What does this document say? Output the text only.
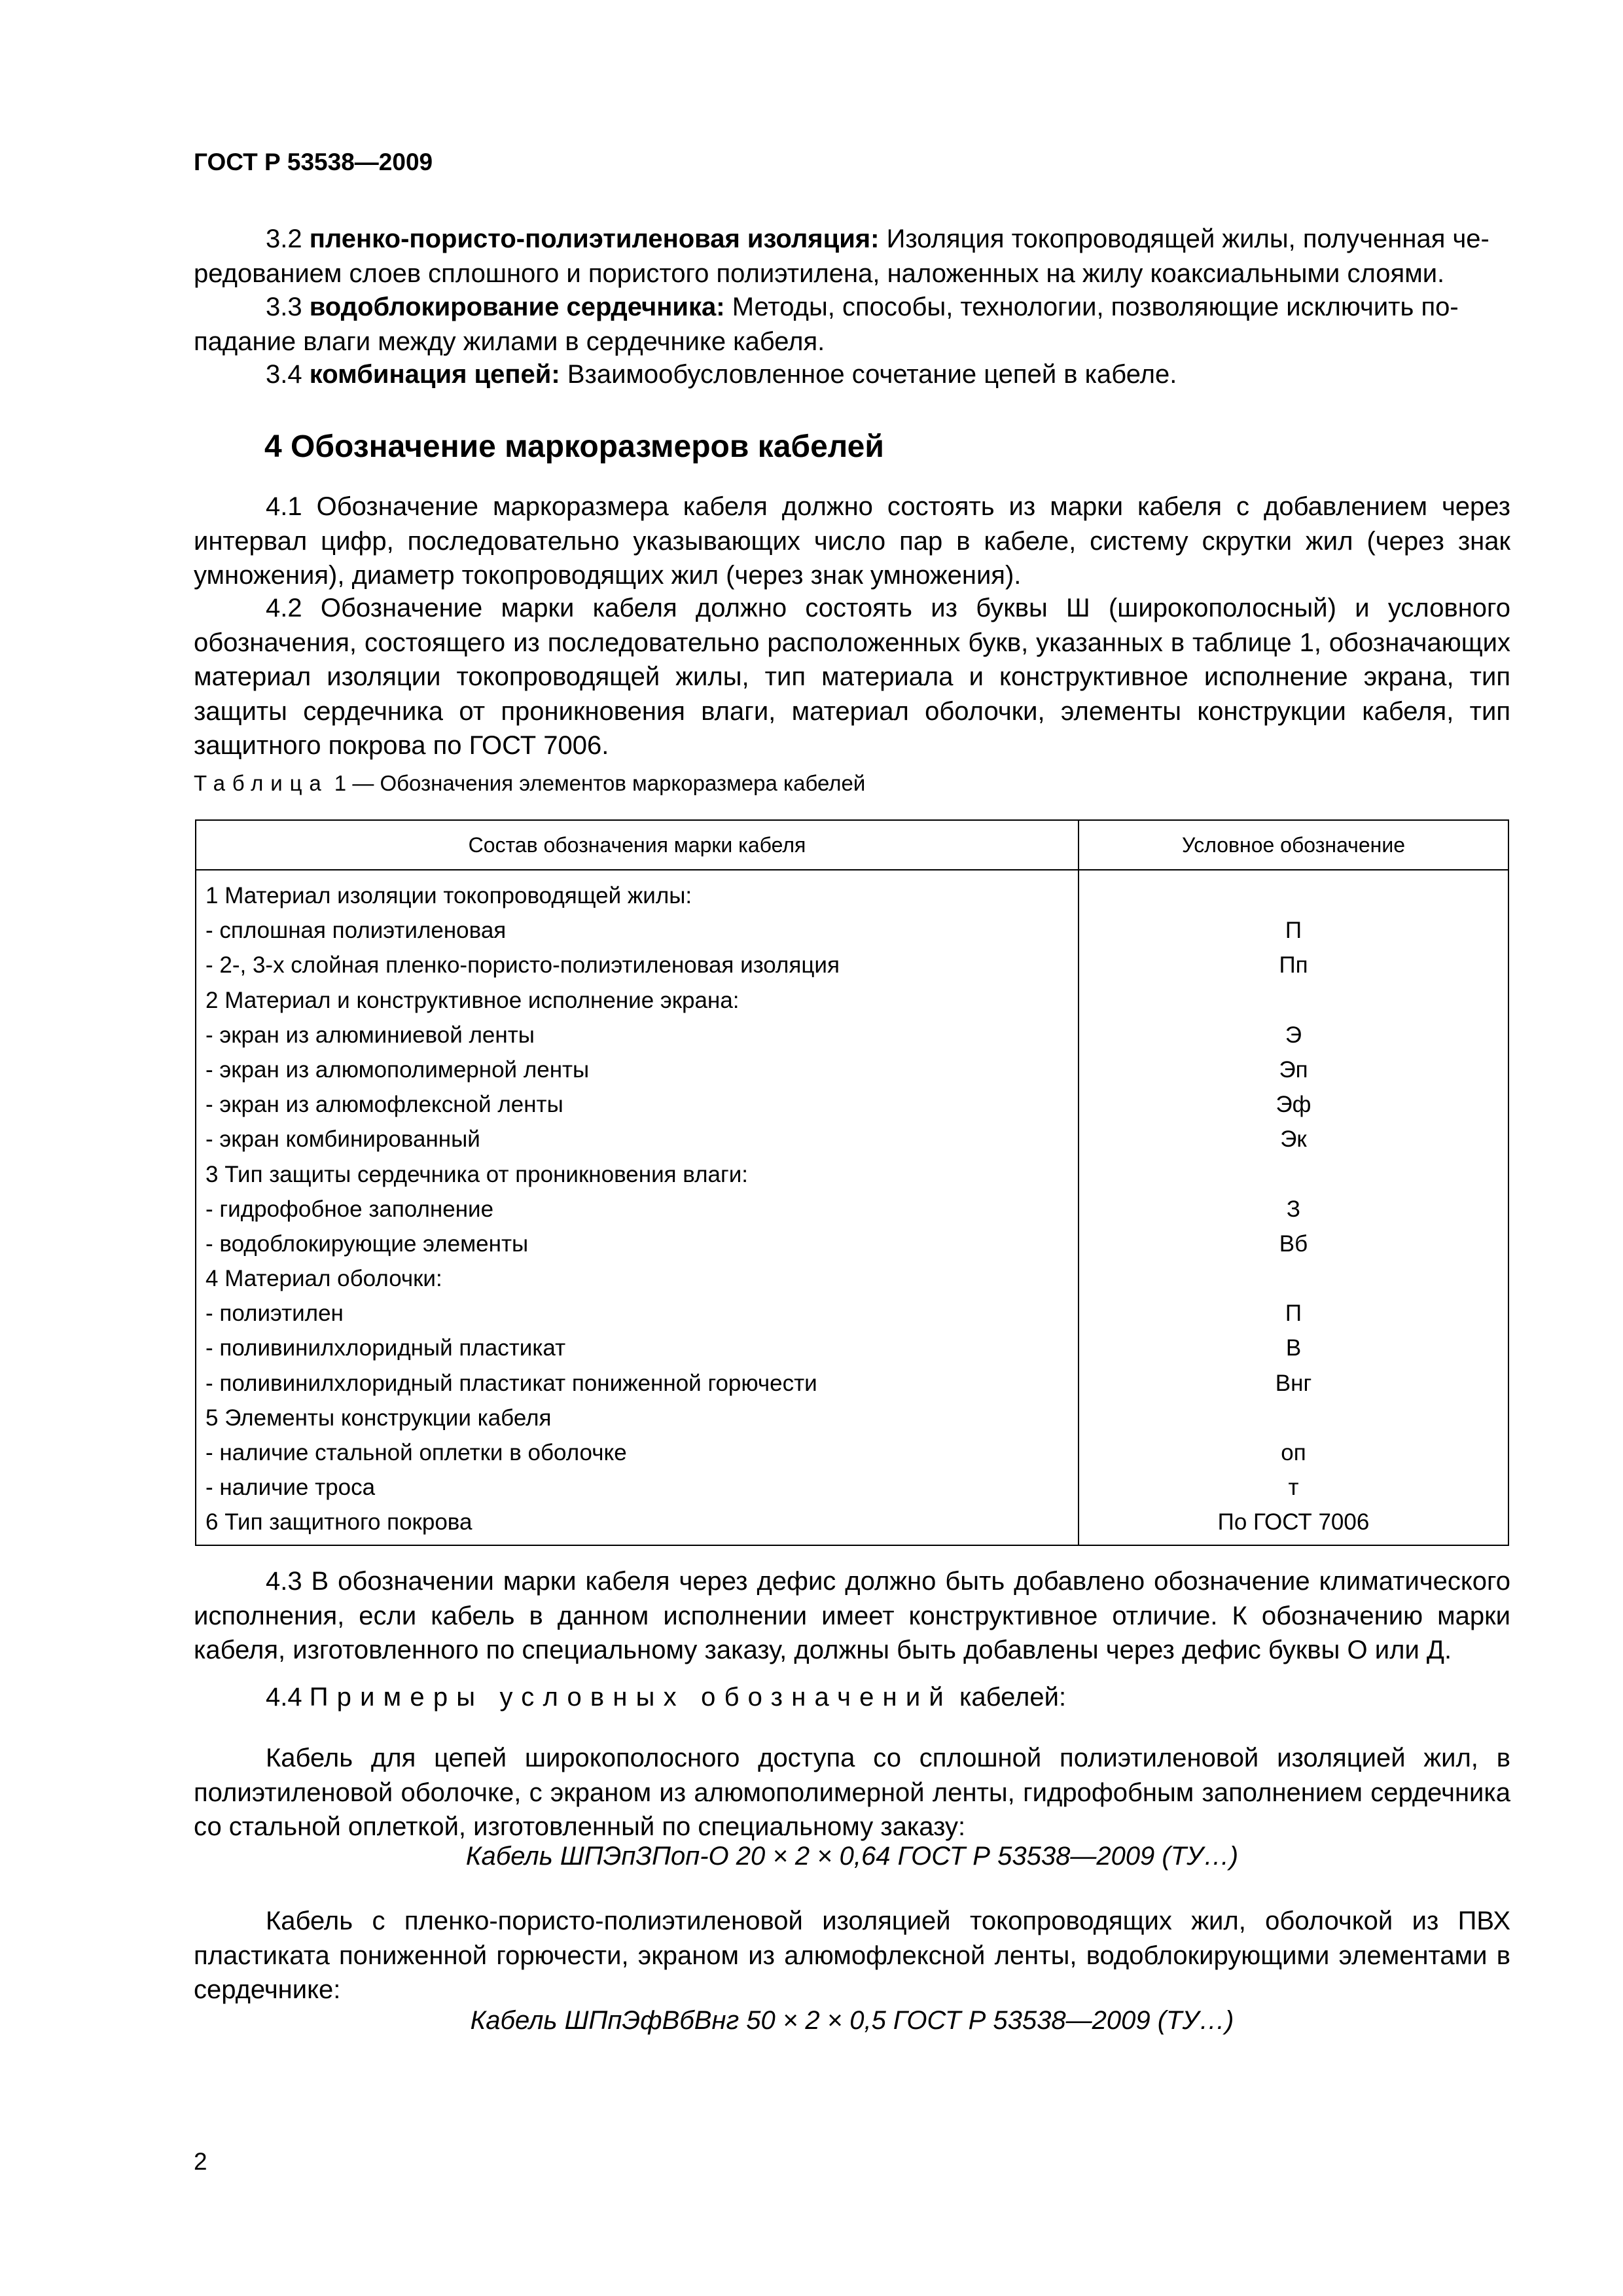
ГОСТ Р 53538—2009
3.2 пленко-пористо-полиэтиленовая изоляция: Изоляция токопроводящей жилы, полученная че-
редованием слоев сплошного и пористого полиэтилена, наложенных на жилу коаксиальными слоями.
3.3 водоблокирование сердечника: Методы, способы, технологии, позволяющие исключить по-
падание влаги между жилами в сердечнике кабеля.
3.4 комбинация цепей: Взаимообусловленное сочетание цепей в кабеле.
4 Обозначение маркоразмеров кабелей
4.1 Обозначение маркоразмера кабеля должно состоять из марки кабеля с добавлением через интервал цифр, последовательно указывающих число пар в кабеле, систему скрутки жил (через знак умножения), диаметр токопроводящих жил (через знак умножения).
4.2 Обозначение марки кабеля должно состоять из буквы Ш (широкополосный) и условного обозначения, состоящего из последовательно расположенных букв, указанных в таблице 1, обозначающих материал изоляции токопроводящей жилы, тип материала и конструктивное исполнение экрана, тип защиты сердечника от проникновения влаги, материал оболочки, элементы конструкции кабеля, тип защитного покрова по ГОСТ 7006.
Таблица 1 — Обозначения элементов маркоразмера кабелей
Состав обозначения марки кабеля	Условное обозначение
1 Материал изоляции токопроводящей жилы:
- сплошная полиэтиленовая	П
- 2-, 3-х слойная пленко-пористо-полиэтиленовая изоляция	Пп
2 Материал и конструктивное исполнение экрана:
- экран из алюминиевой ленты	Э
- экран из алюмополимерной ленты	Эп
- экран из алюмофлексной ленты	Эф
- экран комбинированный	Эк
3 Тип защиты сердечника от проникновения влаги:
- гидрофобное заполнение	З
- водоблокирующие элементы	Вб
4 Материал оболочки:
- полиэтилен	П
- поливинилхлоридный пластикат	В
- поливинилхлоридный пластикат пониженной горючести	Внг
5 Элементы конструкции кабеля
- наличие стальной оплетки в оболочке	оп
- наличие троса	т
6 Тип защитного покрова	По ГОСТ 7006
4.3 В обозначении марки кабеля через дефис должно быть добавлено обозначение климатического исполнения, если кабель в данном исполнении имеет конструктивное отличие. К обозначению марки кабеля, изготовленного по специальному заказу, должны быть добавлены через дефис буквы О или Д.
4.4 Примеры условных обозначений кабелей:
Кабель для цепей широкополосного доступа со сплошной полиэтиленовой изоляцией жил, в полиэтиленовой оболочке, с экраном из алюмополимерной ленты, гидрофобным заполнением сердечника со стальной оплеткой, изготовленный по специальному заказу:
Кабель ШПЭпЗПоп-О 20 × 2 × 0,64 ГОСТ Р 53538—2009 (ТУ…)
Кабель с пленко-пористо-полиэтиленовой изоляцией токопроводящих жил, оболочкой из ПВХ пластиката пониженной горючести, экраном из алюмофлексной ленты, водоблокирующими элементами в сердечнике:
Кабель ШПпЭфВбВнг 50 × 2 × 0,5 ГОСТ Р 53538—2009 (ТУ…)
2
